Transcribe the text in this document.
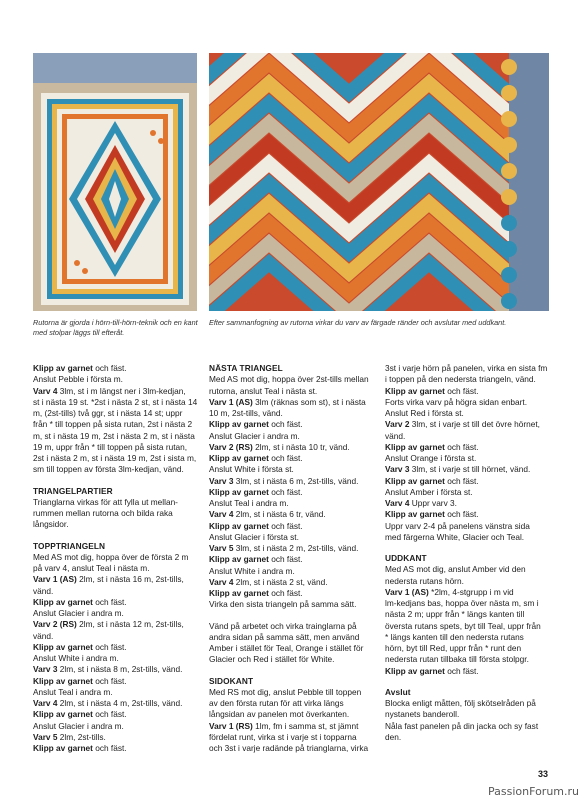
Rutorna är gjorda i hörn-till-hörn-teknik och en kant med stolpar läggs till efteråt.
Efter sammanfogning av rutorna virkar du varv av färgade ränder och avslutar med uddkant.

Klipp av garnet och fäst.

Anslut Pebble i första m.

Varv 4 3lm, st i m längst ner i 3lm-kedjan,

st i nästa 19 st. *2st i nästa 2 st, st i nästa 14

m, (2st-tills) två ggr, st i nästa 14 st; uppr

från * till toppen på sista rutan, 2st i nästa 2

m, st i nästa 19 m, 2st i nästa 2 m, st i nästa

19 m, uppr från * till toppen på sista rutan,

2st i nästa 2 m, st i nästa 19 m, 2st i sista m,

sm till toppen av första 3lm-kedjan, vänd.

TRIANGELPARTIER

Trianglarna virkas för att fylla ut mellan-

rummen mellan rutorna och bilda raka

långsidor.

TOPPTRIANGELN

Med AS mot dig, hoppa över de första 2 m

på varv 4, anslut Teal i nästa m.

Varv 1 (AS) 2lm, st i nästa 16 m, 2st-tills,

vänd.

Klipp av garnet och fäst.

Anslut Glacier i andra m.

Varv 2 (RS) 2lm, st i nästa 12 m, 2st-tills,

vänd.

Klipp av garnet och fäst.

Anslut White i andra m.

Varv 3 2lm, st i nästa 8 m, 2st-tills, vänd.

Klipp av garnet och fäst.

Anslut Teal i andra m.

Varv 4 2lm, st i nästa 4 m, 2st-tills, vänd.

Klipp av garnet och fäst.

Anslut Glacier i andra m.

Varv 5 2lm, 2st-tills.

Klipp av garnet och fäst.

NÄSTA TRIANGEL

Med AS mot dig, hoppa över 2st-tills mellan

rutorna, anslut Teal i nästa st.

Varv 1 (AS) 3lm (räknas som st), st i nästa

10 m, 2st-tills, vänd.

Klipp av garnet och fäst.

Anslut Glacier i andra m.

Varv 2 (RS) 2lm, st i nästa 10 tr, vänd.

Klipp av garnet och fäst.

Anslut White i första st.

Varv 3 3lm, st i nästa 6 m, 2st-tills, vänd.

Klipp av garnet och fäst.

Anslut Teal i andra m.

Varv 4 2lm, st i nästa 6 tr, vänd.

Klipp av garnet och fäst.

Anslut Glacier i första st.

Varv 5 3lm, st i nästa 2 m, 2st-tills, vänd.

Klipp av garnet och fäst.

Anslut White i andra m.

Varv 4 2lm, st i nästa 2 st, vänd.

Klipp av garnet och fäst.

Virka den sista triangeln på samma sätt.

Vänd på arbetet och virka trainglarna på

andra sidan på samma sätt, men använd

Amber i stället för Teal, Orange i stället för

Glacier och Red i stället för White.

SIDOKANT

Med RS mot dig, anslut Pebble till toppen

av den första rutan för att virka längs

långsidan av panelen mot överkanten.

Varv 1 (RS) 1lm, fm i samma st, st jämnt

fördelat runt, virka st i varje st i topparna

och 3st i varje radände på trianglarna, virka

3st i varje hörn på panelen, virka en sista fm

i toppen på den nedersta triangeln, vänd.

Klipp av garnet och fäst.

Forts virka varv på högra sidan enbart.

Anslut Red i första st.

Varv 2 3lm, st i varje st till det övre hörnet,

vänd.

Klipp av garnet och fäst.

Anslut Orange i första st.

Varv 3 3lm, st i varje st till hörnet, vänd.

Klipp av garnet och fäst.

Anslut Amber i första st.

Varv 4 Uppr varv 3.

Klipp av garnet och fäst.

Uppr varv 2-4 på panelens vänstra sida

med färgerna White, Glacier och Teal.

UDDKANT

Med AS mot dig, anslut Amber vid den

nedersta rutans hörn.

Varv 1 (AS) *2lm, 4-stgrupp i m vid

lm-kedjans bas, hoppa över nästa m, sm i

nästa 2 m; uppr från * längs kanten till

översta rutans spets, byt till Teal, uppr från

* längs kanten till den nedersta rutans

hörn, byt till Red, uppr från * runt den

nedersta rutan tillbaka till första stolpgr.

Klipp av garnet och fäst.

Avslut

Blocka enligt måtten, följ skötselråden på

nystanets banderoll.

Nåla fast panelen på din jacka och sy fast

den.

33
PassionForum.ru
